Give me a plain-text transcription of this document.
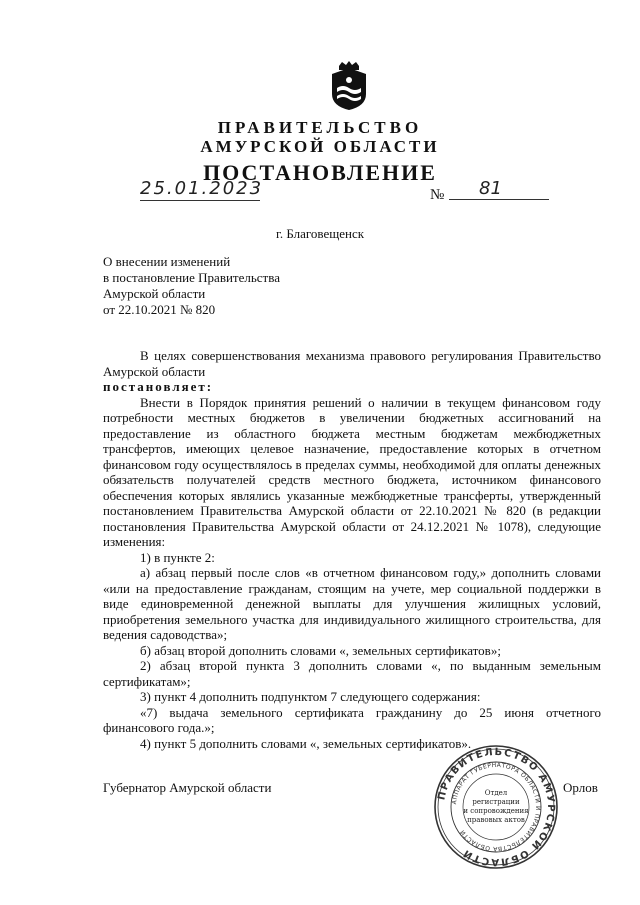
ПРАВИТЕЛЬСТВО
АМУРСКОЙ ОБЛАСТИ
ПОСТАНОВЛЕНИЕ
25.01.2023	№	81
г. Благовещенск
О внесении изменений
в постановление Правительства
Амурской области
от 22.10.2021 № 820

В целях совершенствования механизма правового регулирования Правительство Амурской области

постановляет:

Внести в Порядок принятия решений о наличии в текущем финансовом году потребности местных бюджетов в увеличении бюджетных ассигнований на предоставление из областного бюджета местным бюджетам межбюджетных трансфертов, имеющих целевое назначение, предоставление которых в отчетном финансовом году осуществлялось в пределах суммы, необходимой для оплаты денежных обязательств получателей средств местного бюджета, источником финансового обеспечения которых являлись указанные межбюджетные трансферты, утвержденный постановлением Правительства Амурской области от 22.10.2021 № 820 (в редакции постановления Правительства Амурской области от 24.12.2021 № 1078), следующие изменения:

1) в пункте 2:

а) абзац первый после слов «в отчетном финансовом году,» дополнить словами «или на предоставление гражданам, стоящим на учете, мер социальной поддержки в виде единовременной денежной выплаты для улучшения жилищных условий, приобретения земельного участка для индивидуального жилищного строительства, для ведения садоводства»;

б) абзац второй дополнить словами «, земельных сертификатов»;

2) абзац второй пункта 3 дополнить словами «, по выданным земельным сертификатам»;

3) пункт 4 дополнить подпунктом 7 следующего содержания:

«7) выдача земельного сертификата гражданину до 25 июня отчетного финансового года.»;

4) пункт 5 дополнить словами «, земельных сертификатов».

Губернатор Амурской области	Орлов
ПРАВИТЕЛЬСТВО АМУРСКОЙ ОБЛАСТИ
АППАРАТ ГУБЕРНАТОРА ОБЛАСТИ И ПРАВИТЕЛЬСТВА ОБЛАСТИ
Отдел
регистрации
и сопровождения
правовых актов
